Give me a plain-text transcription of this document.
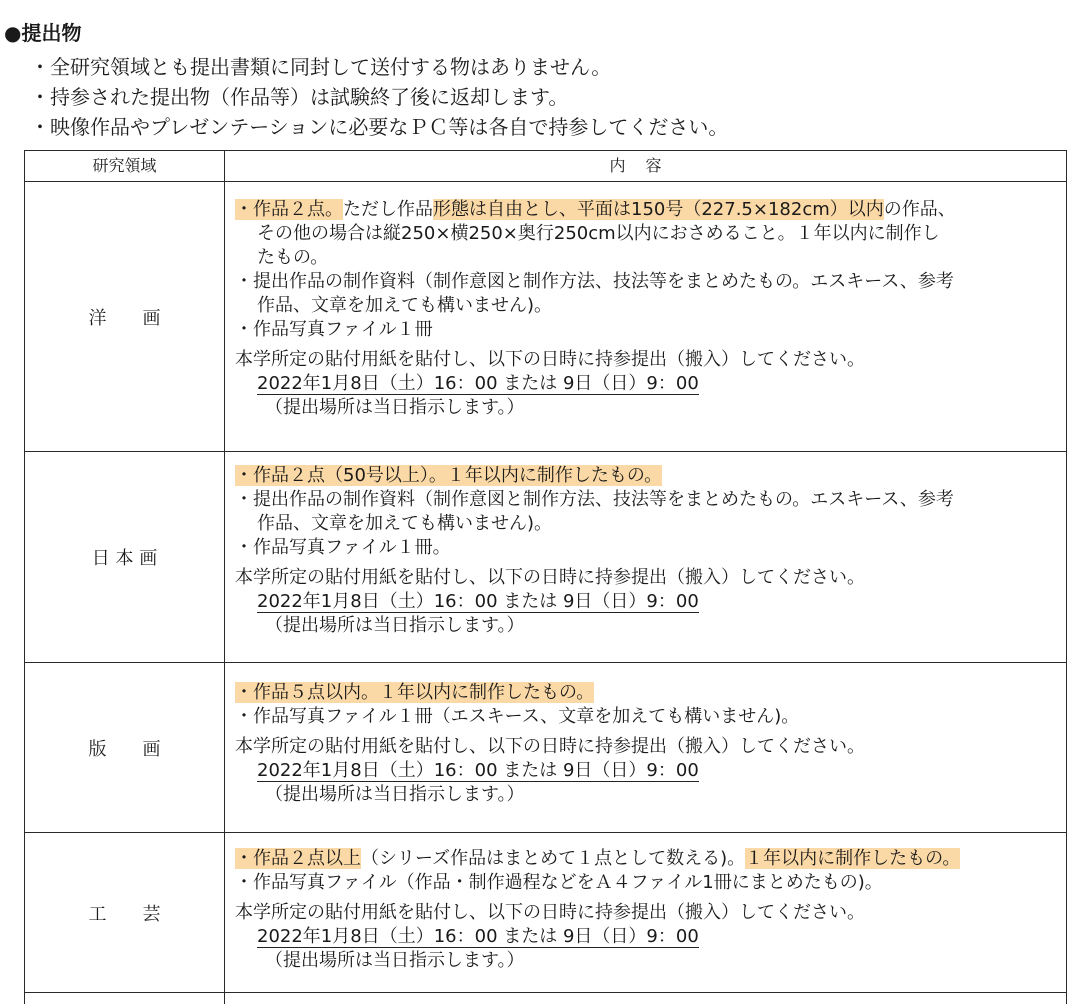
●提出物
・全研究領域とも提出書類に同封して送付する物はありません。
・持参された提出物（作品等）は試験終了後に返却します。
・映像作品やプレゼンテーションに必要なＰＣ等は各自で持参してください。
研究領域	内容
洋　　画
・作品２点。ただし作品形態は自由とし、平面は150号（227.5×182cm）以内の作品、
その他の場合は縦250×横250×奥行250cm以内におさめること。１年以内に制作し
たもの。
・提出作品の制作資料（制作意図と制作方法、技法等をまとめたもの。エスキース、参考
作品、文章を加えても構いません)。
・作品写真ファイル１冊
本学所定の貼付用紙を貼付し、以下の日時に持参提出（搬入）してください。
2022年1月8日（土）16：00 または 9日（日）9：00
（提出場所は当日指示します。）
日 本 画
・作品２点（50号以上）。１年以内に制作したもの。
・提出作品の制作資料（制作意図と制作方法、技法等をまとめたもの。エスキース、参考
作品、文章を加えても構いません)。
・作品写真ファイル１冊。
本学所定の貼付用紙を貼付し、以下の日時に持参提出（搬入）してください。
2022年1月8日（土）16：00 または 9日（日）9：00
（提出場所は当日指示します。）
版　　画
・作品５点以内。１年以内に制作したもの。
・作品写真ファイル１冊（エスキース、文章を加えても構いません)。
本学所定の貼付用紙を貼付し、以下の日時に持参提出（搬入）してください。
2022年1月8日（土）16：00 または 9日（日）9：00
（提出場所は当日指示します。）
工　　芸
・作品２点以上（シリーズ作品はまとめて１点として数える)。１年以内に制作したもの。
・作品写真ファイル（作品・制作過程などをＡ４ファイル1冊にまとめたもの)。
本学所定の貼付用紙を貼付し、以下の日時に持参提出（搬入）してください。
2022年1月8日（土）16：00 または 9日（日）9：00
（提出場所は当日指示します。）
